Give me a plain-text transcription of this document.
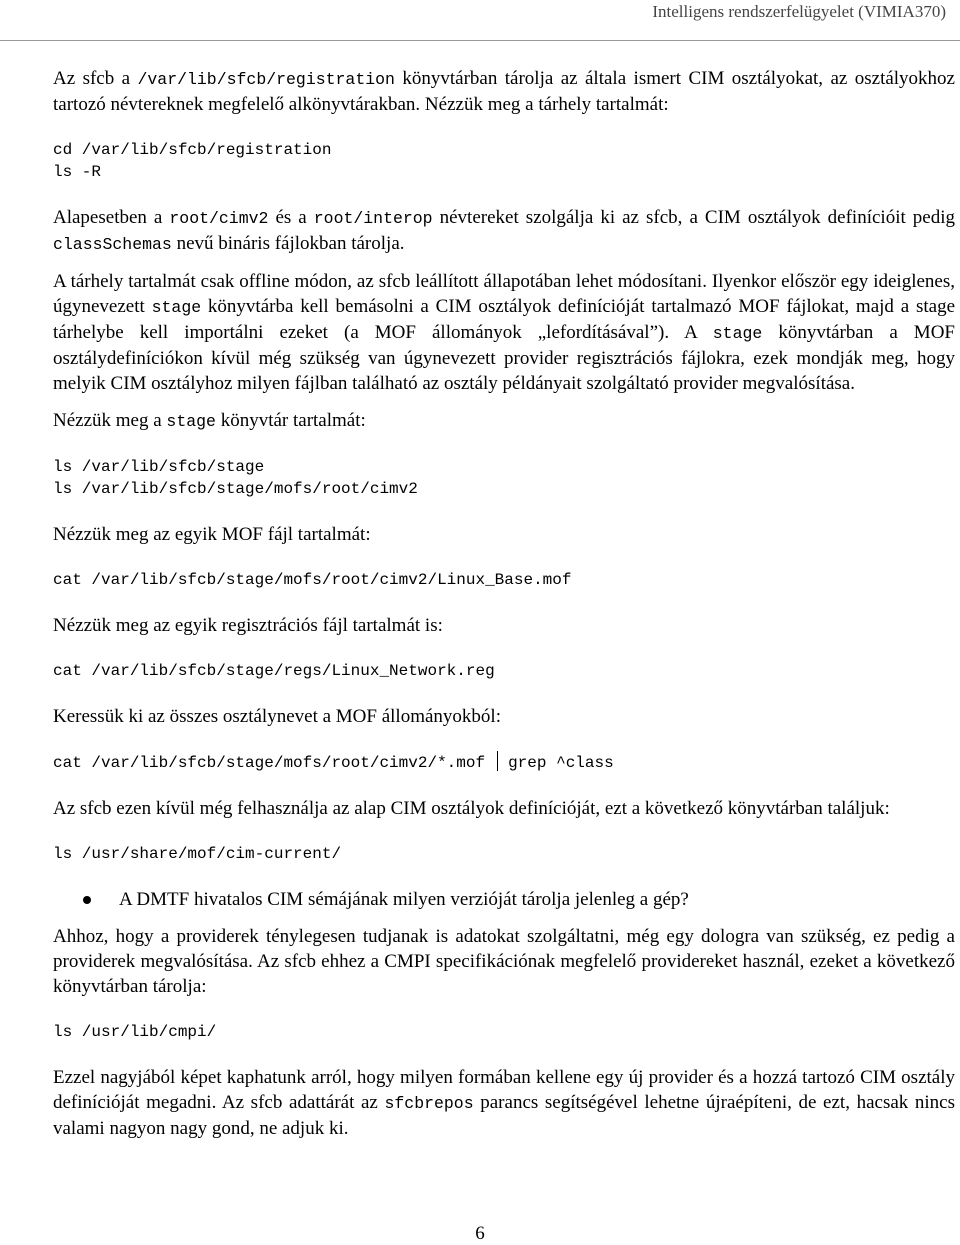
Intelligens rendszerfelügyelet (VIMIA370)

Az sfcb a /var/lib/sfcb/registration könyvtárban tárolja az általa ismert CIM osztályokat, az osztályokhoz tartozó névtereknek megfelelő alkönyvtárakban. Nézzük meg a tárhely tartalmát:

cd /var/lib/sfcb/registration
ls -R

Alapesetben a root/cimv2 és a root/interop névtereket szolgálja ki az sfcb, a CIM osztályok definícióit pedig classSchemas nevű bináris fájlokban tárolja.

A tárhely tartalmát csak offline módon, az sfcb leállított állapotában lehet módosítani. Ilyenkor először egy ideiglenes, úgynevezett stage könyvtárba kell bemásolni a CIM osztályok definícióját tartalmazó MOF fájlokat, majd a stage tárhelybe kell importálni ezeket (a MOF állományok „lefordításával”). A stage könyvtárban a MOF osztálydefiníciókon kívül még szükség van úgynevezett provider regisztrációs fájlokra, ezek mondják meg, hogy melyik CIM osztályhoz milyen fájlban található az osztály példányait szolgáltató provider megvalósítása.

Nézzük meg a stage könyvtár tartalmát:

ls /var/lib/sfcb/stage
ls /var/lib/sfcb/stage/mofs/root/cimv2

Nézzük meg az egyik MOF fájl tartalmát:

cat /var/lib/sfcb/stage/mofs/root/cimv2/Linux_Base.mof

Nézzük meg az egyik regisztrációs fájl tartalmát is:

cat /var/lib/sfcb/stage/regs/Linux_Network.reg

Keressük ki az összes osztálynevet a MOF állományokból:

cat /var/lib/sfcb/stage/mofs/root/cimv2/*.mof grep ^class

Az sfcb ezen kívül még felhasználja az alap CIM osztályok definícióját, ezt a következő könyvtárban találjuk:

ls /usr/share/mof/cim-current/

A DMTF hivatalos CIM sémájának milyen verzióját tárolja jelenleg a gép?

Ahhoz, hogy a providerek ténylegesen tudjanak is adatokat szolgáltatni, még egy dologra van szükség, ez pedig a providerek megvalósítása. Az sfcb ehhez a CMPI specifikációnak megfelelő providereket használ, ezeket a következő könyvtárban tárolja:

ls /usr/lib/cmpi/

Ezzel nagyjából képet kaphatunk arról, hogy milyen formában kellene egy új provider és a hozzá tartozó CIM osztály definícióját megadni. Az sfcb adattárát az sfcbrepos parancs segítségével lehetne újraépíteni, de ezt, hacsak nincs valami nagyon nagy gond, ne adjuk ki.

6
